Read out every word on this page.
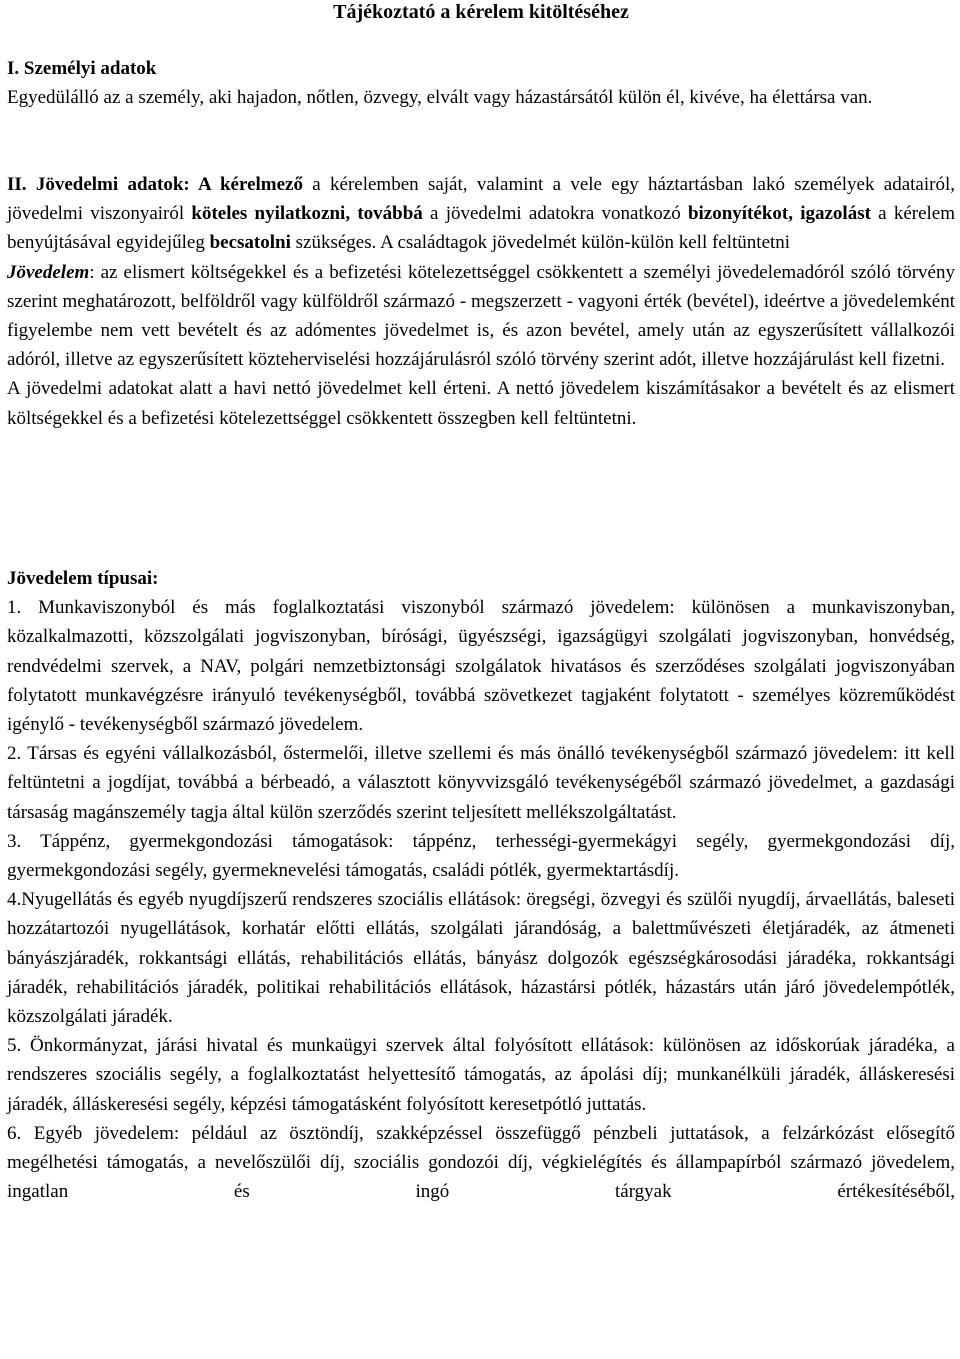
Tájékoztató a kérelem kitöltéséhez

I. Személyi adatok

Egyedülálló az a személy, aki hajadon, nőtlen, özvegy, elvált vagy házastársától külön él, kivéve, ha élettársa van.

II. Jövedelmi adatok: A kérelmező a kérelemben saját, valamint a vele egy háztartásban lakó személyek adatairól, jövedelmi viszonyairól köteles nyilatkozni, továbbá a jövedelmi adatokra vonatkozó bizonyítékot, igazolást a kérelem benyújtásával egyidejűleg becsatolni szükséges. A családtagok jövedelmét külön-külön kell feltüntetni

Jövedelem: az elismert költségekkel és a befizetési kötelezettséggel csökkentett a személyi jövedelemadóról szóló törvény szerint meghatározott, belföldről vagy külföldről származó - megszerzett - vagyoni érték (bevétel), ideértve a jövedelemként figyelembe nem vett bevételt és az adómentes jövedelmet is, és azon bevétel, amely után az egyszerűsített vállalkozói adóról, illetve az egyszerűsített közteherviselési hozzájárulásról szóló törvény szerint adót, illetve hozzájárulást kell fizetni.

A jövedelmi adatokat alatt a havi nettó jövedelmet kell érteni. A nettó jövedelem kiszámításakor a bevételt és az elismert költségekkel és a befizetési kötelezettséggel csökkentett összegben kell feltüntetni.

Jövedelem típusai:

1. Munkaviszonyból és más foglalkoztatási viszonyból származó jövedelem: különösen a munkaviszonyban, közalkalmazotti, közszolgálati jogviszonyban, bírósági, ügyészségi, igazságügyi szolgálati jogviszonyban, honvédség, rendvédelmi szervek, a NAV, polgári nemzetbiztonsági szolgálatok hivatásos és szerződéses szolgálati jogviszonyában folytatott munkavégzésre irányuló tevékenységből, továbbá szövetkezet tagjaként folytatott - személyes közreműködést igénylő - tevékenységből származó jövedelem.

2. Társas és egyéni vállalkozásból, őstermelői, illetve szellemi és más önálló tevékenységből származó jövedelem: itt kell feltüntetni a jogdíjat, továbbá a bérbeadó, a választott könyvvizsgáló tevékenységéből származó jövedelmet, a gazdasági társaság magánszemély tagja által külön szerződés szerint teljesített mellékszolgáltatást.

3. Táppénz, gyermekgondozási támogatások: táppénz, terhességi-gyermekágyi segély, gyermekgondozási díj, gyermekgondozási segély, gyermeknevelési támogatás, családi pótlék, gyermektartásdíj.

4.Nyugellátás és egyéb nyugdíjszerű rendszeres szociális ellátások: öregségi, özvegyi és szülői nyugdíj, árvaellátás, baleseti hozzátartozói nyugellátások, korhatár előtti ellátás, szolgálati járandóság, a balettművészeti életjáradék, az átmeneti bányászjáradék, rokkantsági ellátás, rehabilitációs ellátás, bányász dolgozók egészségkárosodási járadéka, rokkantsági járadék, rehabilitációs járadék, politikai rehabilitációs ellátások, házastársi pótlék, házastárs után járó jövedelempótlék, közszolgálati járadék.

5. Önkormányzat, járási hivatal és munkaügyi szervek által folyósított ellátások: különösen az időskorúak járadéka, a rendszeres szociális segély, a foglalkoztatást helyettesítő támogatás, az ápolási díj; munkanélküli járadék, álláskeresési járadék, álláskeresési segély, képzési támogatásként folyósított keresetpótló juttatás.

6. Egyéb jövedelem: például az ösztöndíj, szakképzéssel összefüggő pénzbeli juttatások, a felzárkózást elősegítő megélhetési támogatás, a nevelőszülői díj, szociális gondozói díj, végkielégítés és állampapírból származó jövedelem, ingatlan és ingó tárgyak értékesítéséből,
